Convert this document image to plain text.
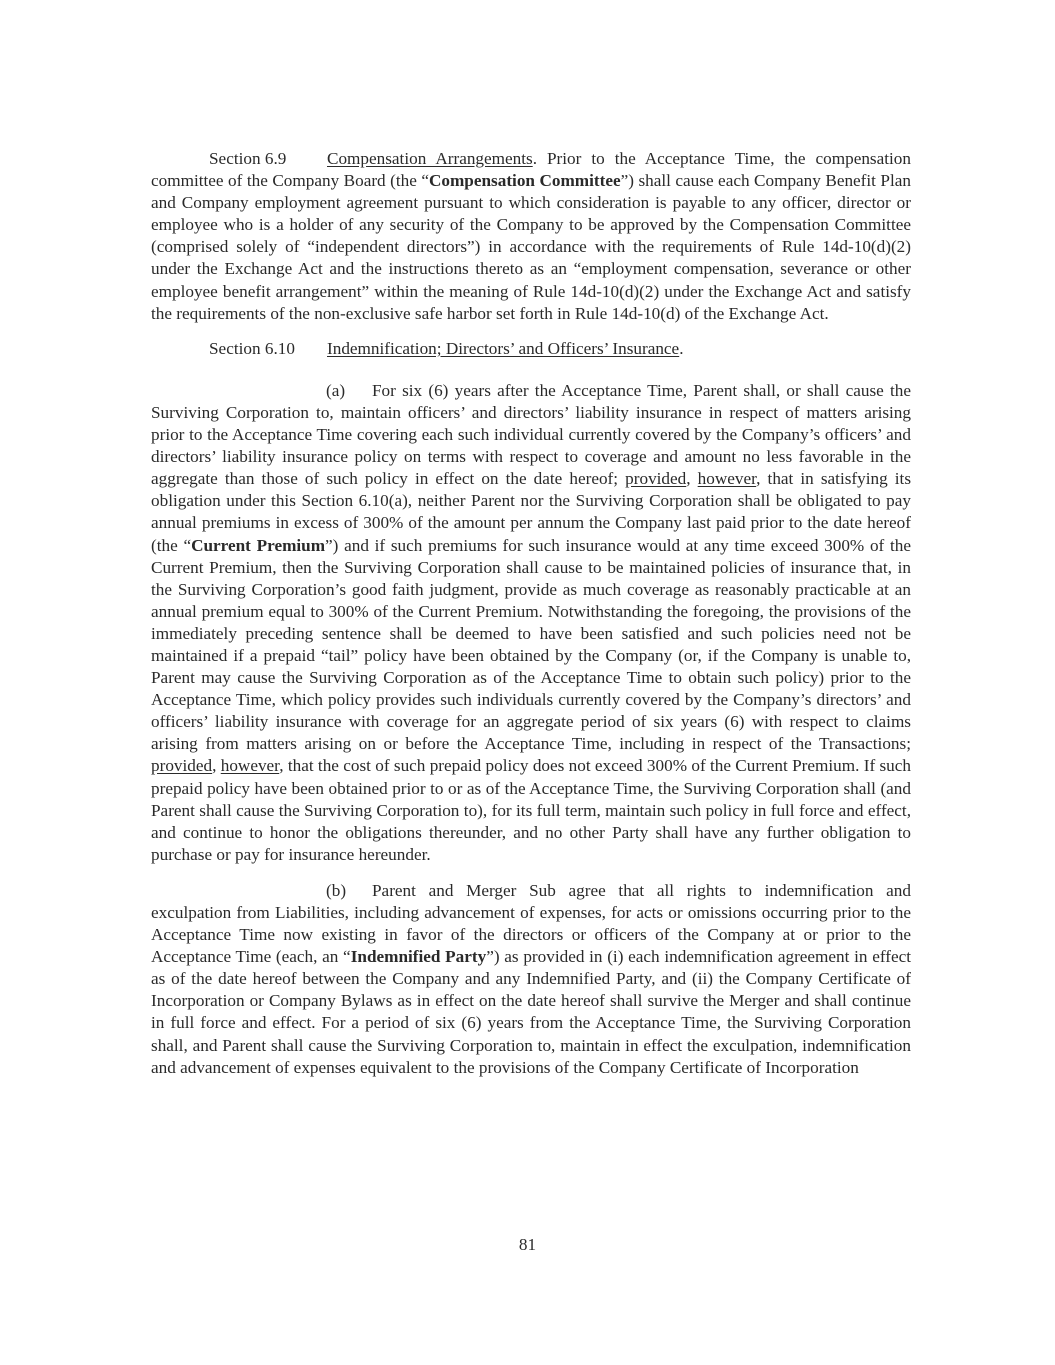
Section 6.9 Compensation Arrangements. Prior to the Acceptance Time, the compensation committee of the Company Board (the “Compensation Committee”) shall cause each Company Benefit Plan and Company employment agreement pursuant to which consideration is payable to any officer, director or employee who is a holder of any security of the Company to be approved by the Compensation Committee (comprised solely of “independent directors”) in accordance with the requirements of Rule 14d-10(d)(2) under the Exchange Act and the instructions thereto as an “employment compensation, severance or other employee benefit arrangement” within the meaning of Rule 14d-10(d)(2) under the Exchange Act and satisfy the requirements of the non-exclusive safe harbor set forth in Rule 14d-10(d) of the Exchange Act.

Section 6.10 Indemnification; Directors’ and Officers’ Insurance.

(a) For six (6) years after the Acceptance Time, Parent shall, or shall cause the Surviving Corporation to, maintain officers’ and directors’ liability insurance in respect of matters arising prior to the Acceptance Time covering each such individual currently covered by the Company’s officers’ and directors’ liability insurance policy on terms with respect to coverage and amount no less favorable in the aggregate than those of such policy in effect on the date hereof; provided, however, that in satisfying its obligation under this Section 6.10(a), neither Parent nor the Surviving Corporation shall be obligated to pay annual premiums in excess of 300% of the amount per annum the Company last paid prior to the date hereof (the “Current Premium”) and if such premiums for such insurance would at any time exceed 300% of the Current Premium, then the Surviving Corporation shall cause to be maintained policies of insurance that, in the Surviving Corporation’s good faith judgment, provide as much coverage as reasonably practicable at an annual premium equal to 300% of the Current Premium. Notwithstanding the foregoing, the provisions of the immediately preceding sentence shall be deemed to have been satisfied and such policies need not be maintained if a prepaid “tail” policy have been obtained by the Company (or, if the Company is unable to, Parent may cause the Surviving Corporation as of the Acceptance Time to obtain such policy) prior to the Acceptance Time, which policy provides such individuals currently covered by the Company’s directors’ and officers’ liability insurance with coverage for an aggregate period of six years (6) with respect to claims arising from matters arising on or before the Acceptance Time, including in respect of the Transactions; provided, however, that the cost of such prepaid policy does not exceed 300% of the Current Premium. If such prepaid policy have been obtained prior to or as of the Acceptance Time, the Surviving Corporation shall (and Parent shall cause the Surviving Corporation to), for its full term, maintain such policy in full force and effect, and continue to honor the obligations thereunder, and no other Party shall have any further obligation to purchase or pay for insurance hereunder.

(b) Parent and Merger Sub agree that all rights to indemnification and exculpation from Liabilities, including advancement of expenses, for acts or omissions occurring prior to the Acceptance Time now existing in favor of the directors or officers of the Company at or prior to the Acceptance Time (each, an “Indemnified Party”) as provided in (i) each indemnification agreement in effect as of the date hereof between the Company and any Indemnified Party, and (ii) the Company Certificate of Incorporation or Company Bylaws as in effect on the date hereof shall survive the Merger and shall continue in full force and effect. For a period of six (6) years from the Acceptance Time, the Surviving Corporation shall, and Parent shall cause the Surviving Corporation to, maintain in effect the exculpation, indemnification and advancement of expenses equivalent to the provisions of the Company Certificate of Incorporation

81
